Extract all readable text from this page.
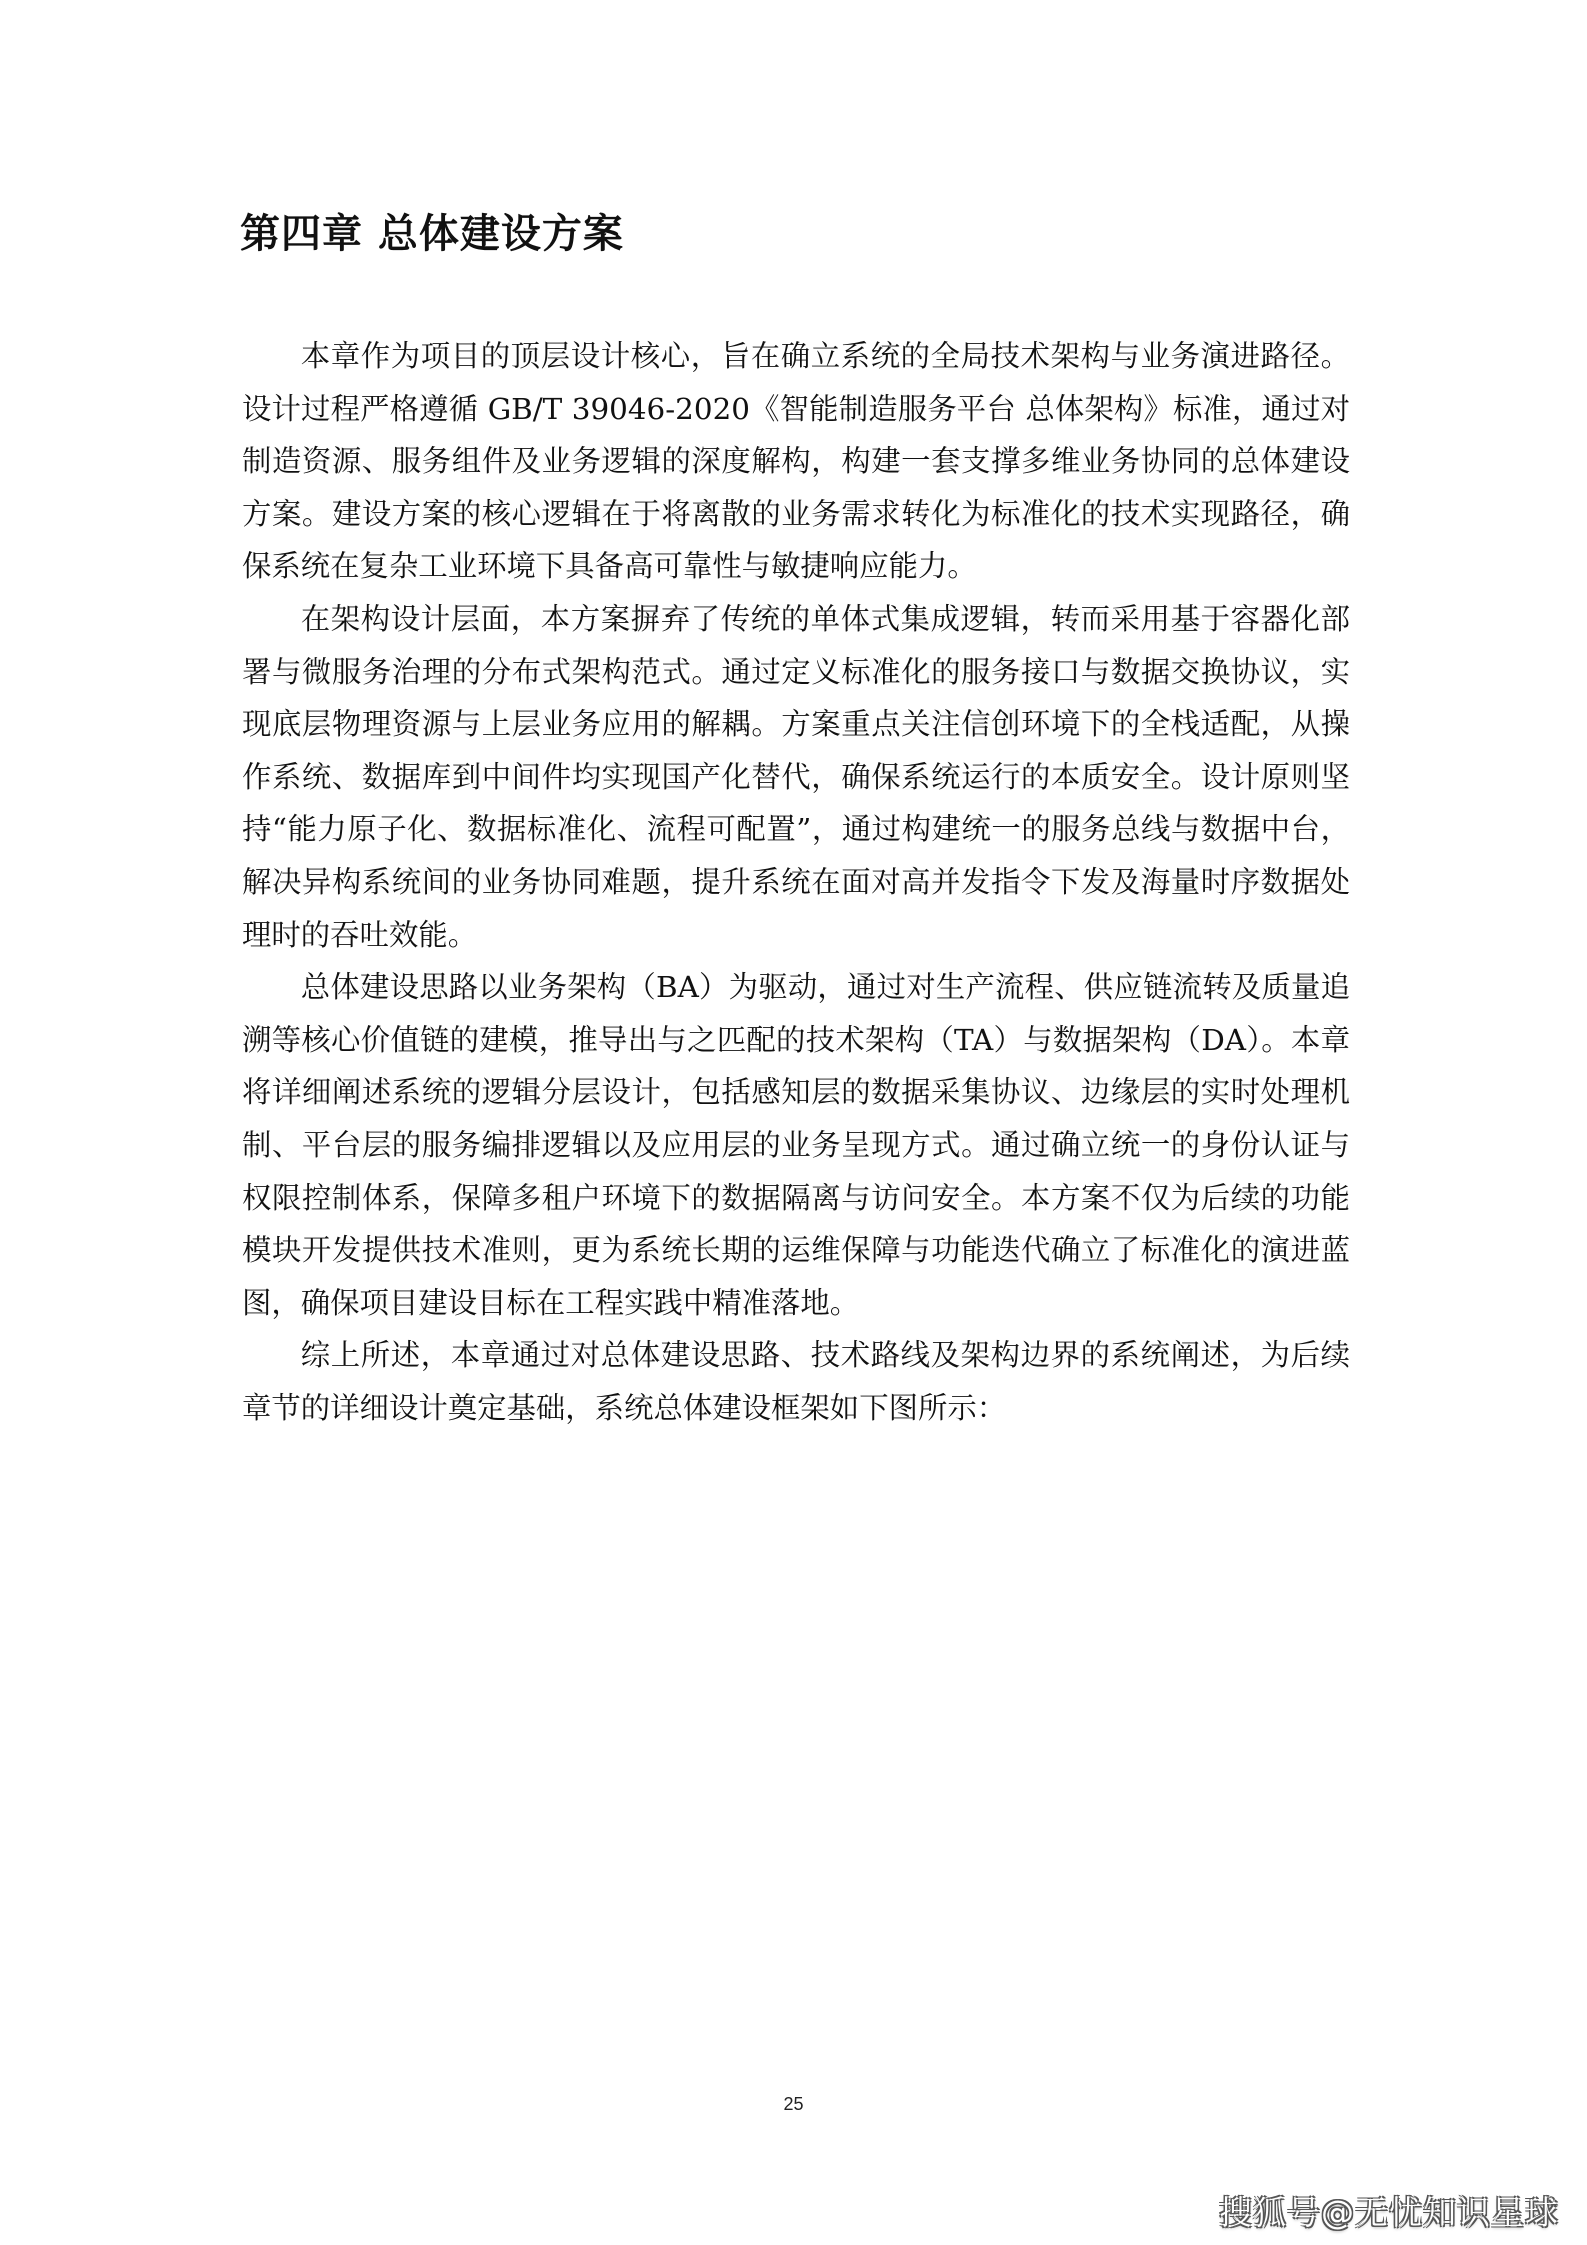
第四章 总体建设方案

本章作为项目的顶层设计核心，旨在确立系统的全局技术架构与业务演进路径。设计过程严格遵循 GB/T 39046-2020《智能制造服务平台 总体架构》标准，通过对制造资源、服务组件及业务逻辑的深度解构，构建一套支撑多维业务协同的总体建设方案。建设方案的核心逻辑在于将离散的业务需求转化为标准化的技术实现路径，确保系统在复杂工业环境下具备高可靠性与敏捷响应能力。

在架构设计层面，本方案摒弃了传统的单体式集成逻辑，转而采用基于容器化部署与微服务治理的分布式架构范式。通过定义标准化的服务接口与数据交换协议，实现底层物理资源与上层业务应用的解耦。方案重点关注信创环境下的全栈适配，从操作系统、数据库到中间件均实现国产化替代，确保系统运行的本质安全。设计原则坚持“能力原子化、数据标准化、流程可配置”，通过构建统一的服务总线与数据中台，解决异构系统间的业务协同难题，提升系统在面对高并发指令下发及海量时序数据处理时的吞吐效能。

总体建设思路以业务架构（BA）为驱动，通过对生产流程、供应链流转及质量追溯等核心价值链的建模，推导出与之匹配的技术架构（TA）与数据架构（DA）。本章将详细阐述系统的逻辑分层设计，包括感知层的数据采集协议、边缘层的实时处理机制、平台层的服务编排逻辑以及应用层的业务呈现方式。通过确立统一的身份认证与权限控制体系，保障多租户环境下的数据隔离与访问安全。本方案不仅为后续的功能模块开发提供技术准则，更为系统长期的运维保障与功能迭代确立了标准化的演进蓝图，确保项目建设目标在工程实践中精准落地。

综上所述，本章通过对总体建设思路、技术路线及架构边界的系统阐述，为后续章节的详细设计奠定基础，系统总体建设框架如下图所示：

25
搜狐号@无忧知识星球
